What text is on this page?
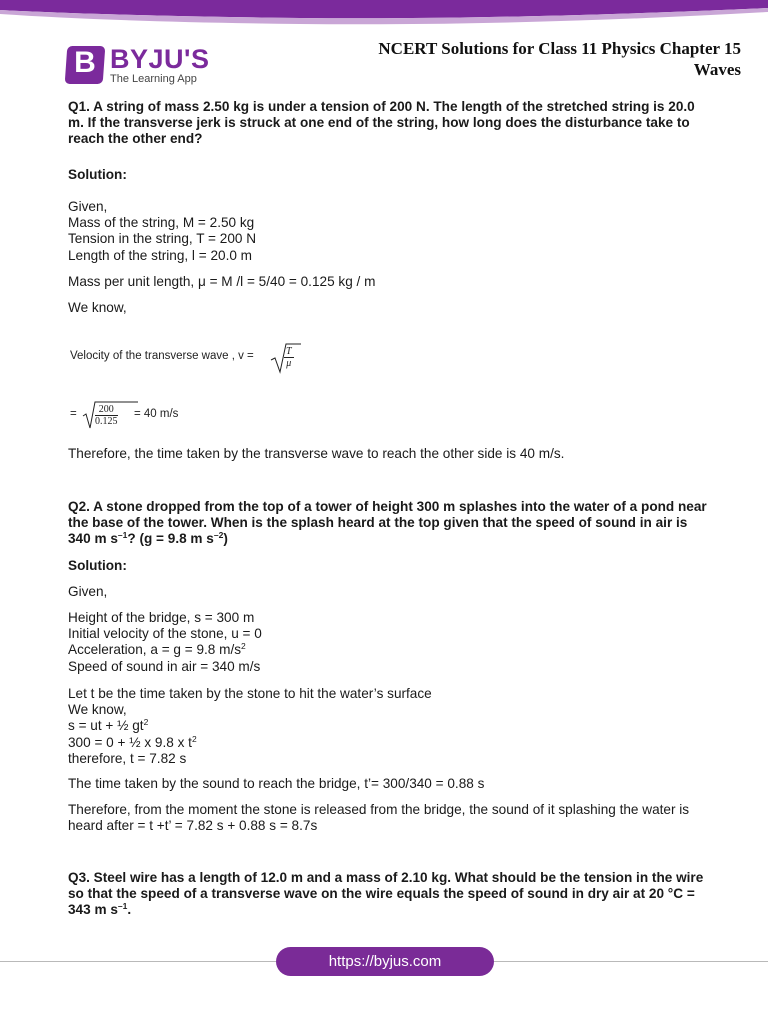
B BYJU'S
The Learning App
NCERT Solutions for Class 11 Physics Chapter 15
Waves
Q1. A string of mass 2.50 kg is under a tension of 200 N. The length of the stretched string is 20.0 m. If the transverse jerk is struck at one end of the string, how long does the disturbance take to reach the other end?
Solution:
Given,
Mass of the string, M = 2.50 kg
Tension in the string, T = 200 N
Length of the string, l = 20.0 m
Mass per unit length, μ = M /l = 5/40 = 0.125 kg / m
We know,
Velocity of the transverse wave , v =	$\frac{T}{\mu}$
= $\frac{200}{0.125} = 40$ m/s
Therefore, the time taken by the transverse wave to reach the other side is 40 m/s.
Q2. A stone dropped from the top of a tower of height 300 m splashes into the water of a pond near the base of the tower. When is the splash heard at the top given that the speed of sound in air is 340 m $s^{-1}$? (g = 9.8 m $s^{-2}$)
Solution:
Given,
Height of the bridge, s = 300 m
Initial velocity of the stone, u = 0
Acceleration, a = g = 9.8 $m/s^2$
Speed of sound in air = 340 m/s
Let t be the time taken by the stone to hit the water’s surface
We know,
s = ut + ½ $gt^2$
300 = 0 + ½ x 9.8 x $t^2$
therefore, t = 7.82 s
The time taken by the sound to reach the bridge, t’= 300/340 = 0.88 s
Therefore, from the moment the stone is released from the bridge, the sound of it splashing the water is heard after = t +t’ = 7.82 s + 0.88 s = 8.7s
Q3. Steel wire has a length of 12.0 m and a mass of 2.10 kg. What should be the tension in the wire so that the speed of a transverse wave on the wire equals the speed of sound in dry air at 20 °C = 343 m $s^{-1}$.
https://byjus.com
